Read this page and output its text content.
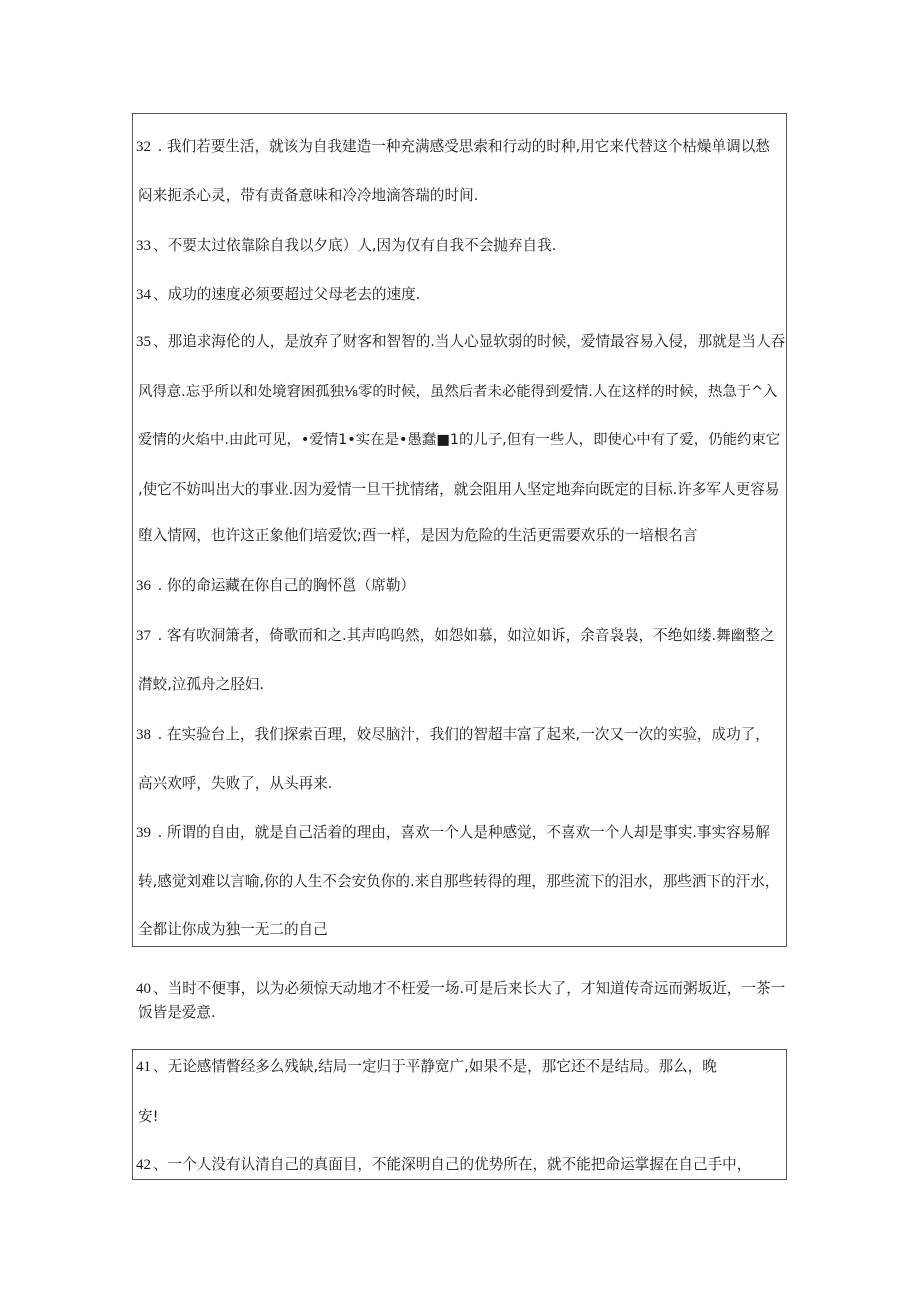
32 . 我们若要生活，就该为自我建造一种充满感受思索和行动的时种,用它来代替这个枯燥单调以愁
闷来扼杀心灵，带有责备意味和冷冷地滴答瑞的时间.
33 、不要太过依靠除自我以夕底）人,因为仅有自我不会抛弃自我.
34 、成功的速度必须要超过父母老去的速度.
35 、那追求海伦的人，是放弃了财客和智智的.当人心显软弱的时候，爱情最容易入侵，那就是当人吞
风得意.忘乎所以和处境窘困孤独⅛零的时候，虽然后者未必能得到爱情.人在这样的时候，热急于^入
爱情的火焰中.由此可见，•爱情1•实在是•愚蠢■1的儿子,但有一些人，即使心中有了爱，仍能约束它
,使它不妨叫出大的事业.因为爱情一旦干扰情绪，就会阻用人坚定地奔向既定的目标.许多军人更容易
堕入情网，也许这正象他们培爱饮;酉一样，是因为危险的生活更需要欢乐的一培根名言
36 . 你的命运藏在你自己的胸怀邕（席勒）
37 . 客有吹洞箫者，倚歌而和之.其声呜呜然，如怨如慕，如泣如诉，余音袅袅，不绝如缕.舞幽整之
潸蛟,泣孤舟之胫妇.
38 . 在实验台上，我们探索百理，姣尽脑汁，我们的智超丰富了起来,一次又一次的实验，成功了，
高兴欢呼，失败了，从头再来.
39 . 所谓的自由，就是自己活着的理由，喜欢一个人是种感觉，不喜欢一个人却是事实.事实容易解
转,感觉刘难以言喻,你的人生不会安负你的.来自那些转得的理，那些流下的泪水，那些洒下的汗水，
全都让你成为独一无二的自己
40 、当时不便事，以为必须惊天动地才不枉爱一场.可是后来长大了，才知道传奇远而粥坂近，一茶一
饭皆是爱意.
41 、无论感情瞥经多么残缺,结局一定归于平静宽广,如果不是，那它还不是结局。那么，晚
安!
42 、一个人没有认清自己的真面目，不能深明自己的优势所在，就不能把命运掌握在自己手中，
